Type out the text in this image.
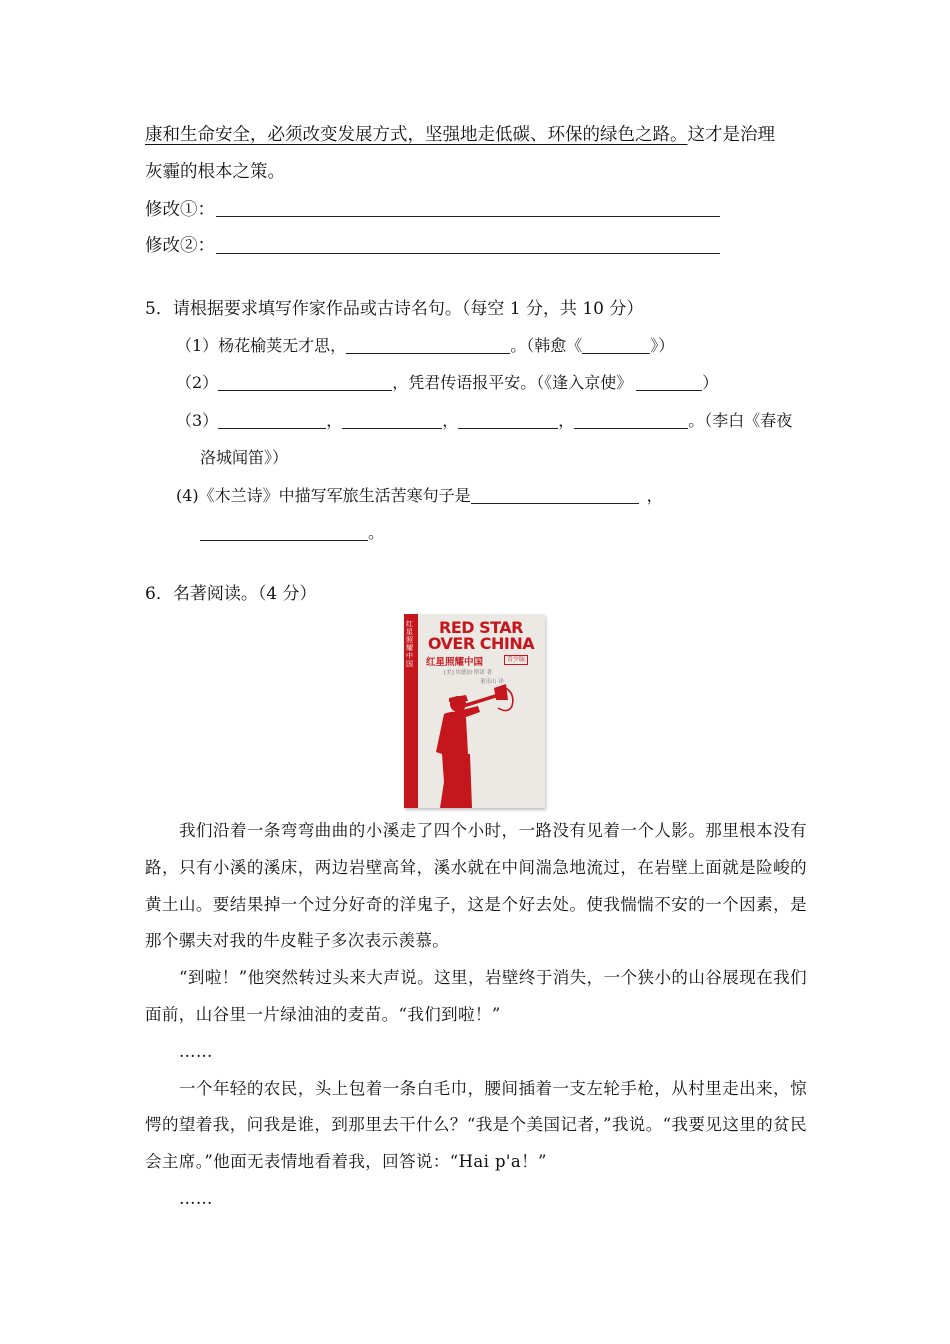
康和生命安全，必须改变发展方式，坚强地走低碳、环保的绿色之路。这才是治理
灰霾的根本之策。
修改①：
修改②：
5．请根据要求填写作家作品或古诗名句。（每空 1 分，共 10 分）
（1）杨花榆荚无才思，	。（韩愈《	》）
（2）	，凭君传语报平安。（《逢入京使》	）
（3）	，	，	，	。（李白《春夜
洛城闻笛》）
(4)《木兰诗》中描写军旅生活苦寒句子是	，
。
6．名著阅读。（4 分）
红星照耀中国
RED STAR
OVER CHINA
红星照耀中国	青少版
[美] 埃德加·斯诺 著
董乐山 译

我们沿着一条弯弯曲曲的小溪走了四个小时，一路没有见着一个人影。那里根本没有路，只有小溪的溪床，两边岩壁高耸，溪水就在中间湍急地流过，在岩壁上面就是险峻的黄土山。要结果掉一个过分好奇的洋鬼子，这是个好去处。使我惴惴不安的一个因素，是那个骡夫对我的牛皮鞋子多次表示羡慕。

“到啦！”他突然转过头来大声说。这里，岩壁终于消失，一个狭小的山谷展现在我们面前，山谷里一片绿油油的麦苗。“我们到啦！”

……

一个年轻的农民，头上包着一条白毛巾，腰间插着一支左轮手枪，从村里走出来，惊愕的望着我，问我是谁，到那里去干什么？“我是个美国记者，”我说。“我要见这里的贫民会主席。”他面无表情地看着我，回答说：“Hai p'a！”

……
